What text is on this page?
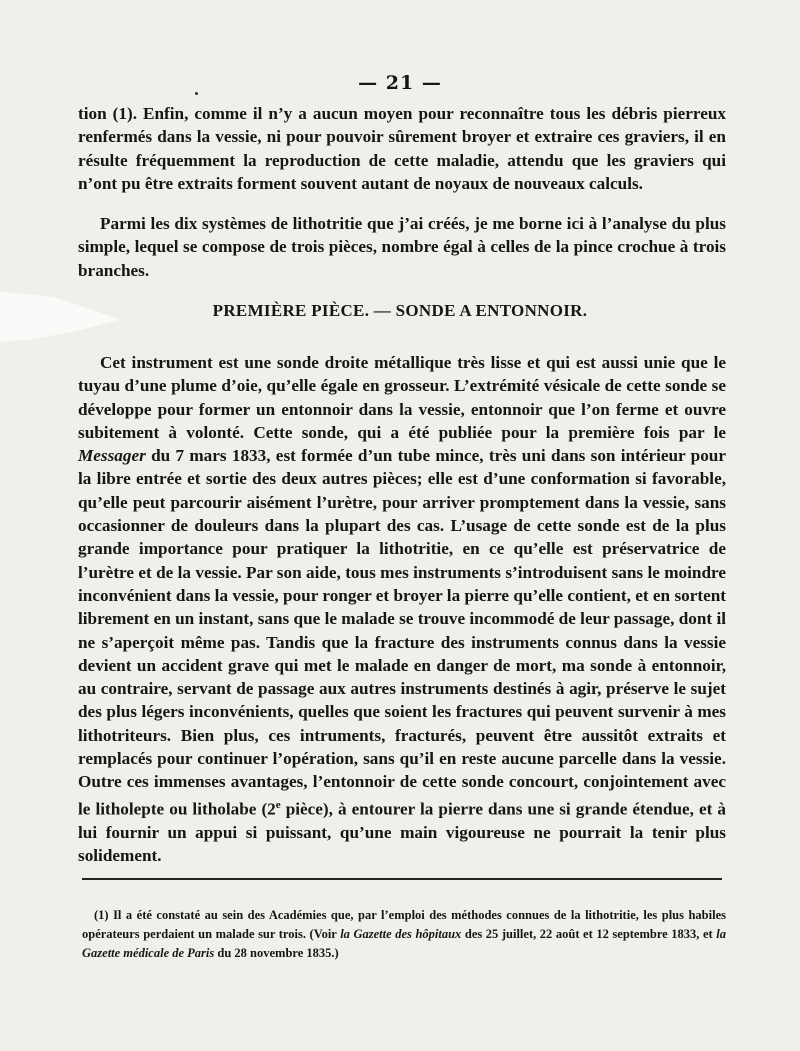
— 21 —

tion (1). Enfin, comme il n’y a aucun moyen pour reconnaître tous les débris pierreux renfermés dans la vessie, ni pour pouvoir sûrement broyer et extraire ces graviers, il en résulte fréquemment la reproduction de cette maladie, attendu que les graviers qui n’ont pu être extraits forment souvent autant de noyaux de nouveaux calculs.

Parmi les dix systèmes de lithotritie que j’ai créés, je me borne ici à l’analyse du plus simple, lequel se compose de trois pièces, nombre égal à celles de la pince crochue à trois branches.

PREMIÈRE PIÈCE. — SONDE A ENTONNOIR.

Cet instrument est une sonde droite métallique très lisse et qui est aussi unie que le tuyau d’une plume d’oie, qu’elle égale en grosseur. L’extrémité vésicale de cette sonde se développe pour former un entonnoir dans la vessie, entonnoir que l’on ferme et ouvre subitement à volonté. Cette sonde, qui a été publiée pour la première fois par le Messager du 7 mars 1833, est formée d’un tube mince, très uni dans son intérieur pour la libre entrée et sortie des deux autres pièces; elle est d’une conformation si favorable, qu’elle peut parcourir aisément l’urètre, pour arriver promptement dans la vessie, sans occasionner de douleurs dans la plupart des cas. L’usage de cette sonde est de la plus grande importance pour pratiquer la lithotritie, en ce qu’elle est préservatrice de l’urètre et de la vessie. Par son aide, tous mes instruments s’introduisent sans le moindre inconvénient dans la vessie, pour ronger et broyer la pierre qu’elle contient, et en sortent librement en un instant, sans que le malade se trouve incommodé de leur passage, dont il ne s’aperçoit même pas. Tandis que la fracture des instruments connus dans la vessie devient un accident grave qui met le malade en danger de mort, ma sonde à entonnoir, au contraire, servant de passage aux autres instruments destinés à agir, préserve le sujet des plus légers inconvénients, quelles que soient les fractures qui peuvent survenir à mes lithotriteurs. Bien plus, ces intruments, fracturés, peuvent être aussitôt extraits et remplacés pour continuer l’opération, sans qu’il en reste aucune parcelle dans la vessie. Outre ces immenses avantages, l’entonnoir de cette sonde concourt, conjointement avec le litholepte ou litholabe (2e pièce), à entourer la pierre dans une si grande étendue, et à lui fournir un appui si puissant, qu’une main vigoureuse ne pourrait la tenir plus solidement.

(1) Il a été constaté au sein des Académies que, par l’emploi des méthodes connues de la lithotritie, les plus habiles opérateurs perdaient un malade sur trois. (Voir la Gazette des hôpitaux des 25 juillet, 22 août et 12 septembre 1833, et la Gazette médicale de Paris du 28 novembre 1835.)
